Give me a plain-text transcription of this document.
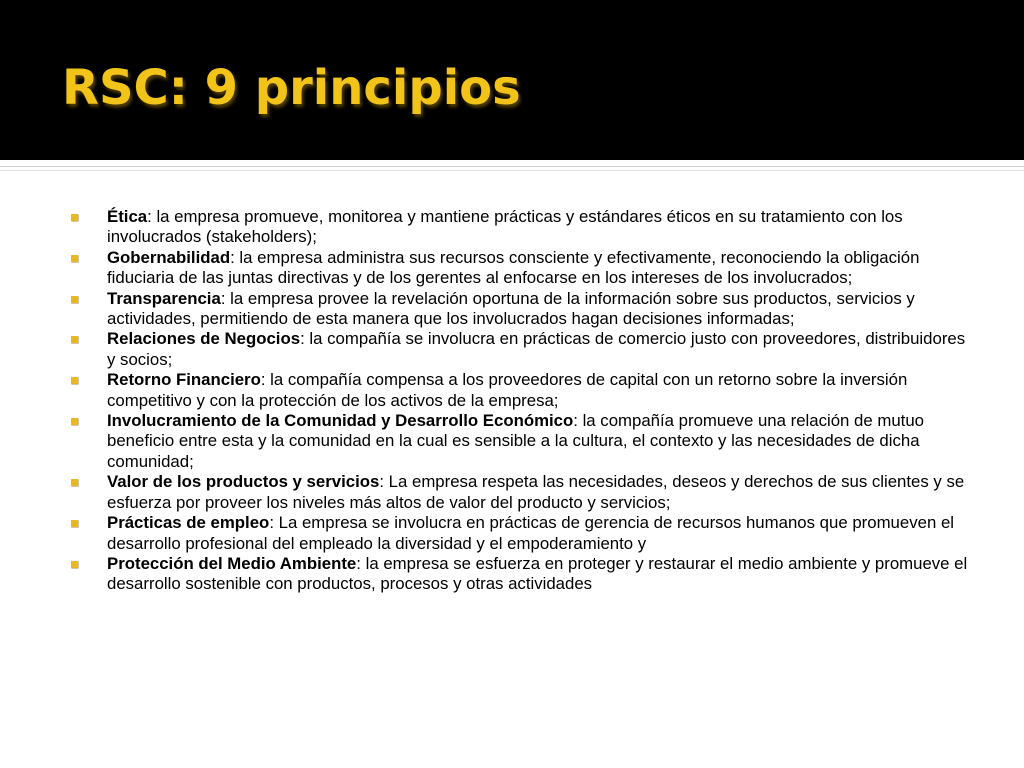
RSC: 9 principios
Ética: la empresa promueve, monitorea y mantiene prácticas y estándares éticos en su tratamiento con los involucrados (stakeholders);
Gobernabilidad: la empresa administra sus recursos consciente y efectivamente, reconociendo la obligación fiduciaria de las juntas directivas y de los gerentes al enfocarse en los intereses de los involucrados;
Transparencia: la empresa provee la revelación oportuna de la información sobre sus productos, servicios y actividades, permitiendo de esta manera que los involucrados hagan decisiones informadas;
Relaciones de Negocios: la compañía se involucra en prácticas de comercio justo con proveedores, distribuidores y socios;
Retorno Financiero: la compañía compensa a los proveedores de capital con un retorno sobre la inversión competitivo y con la protección de los activos de la empresa;
Involucramiento de la Comunidad y Desarrollo Económico: la compañía promueve una relación de mutuo beneficio entre esta y la comunidad en la cual es sensible a la cultura, el contexto y las necesidades de dicha comunidad;
Valor de los productos y servicios: La empresa respeta las necesidades, deseos y derechos de sus clientes y se esfuerza por proveer los niveles más altos de valor del producto y servicios;
Prácticas de empleo: La empresa se involucra en prácticas de gerencia de recursos humanos que promueven el desarrollo profesional del empleado la diversidad y el empoderamiento y
Protección del Medio Ambiente: la empresa se esfuerza en proteger y restaurar el medio ambiente y promueve el desarrollo sostenible con productos, procesos y otras actividades
